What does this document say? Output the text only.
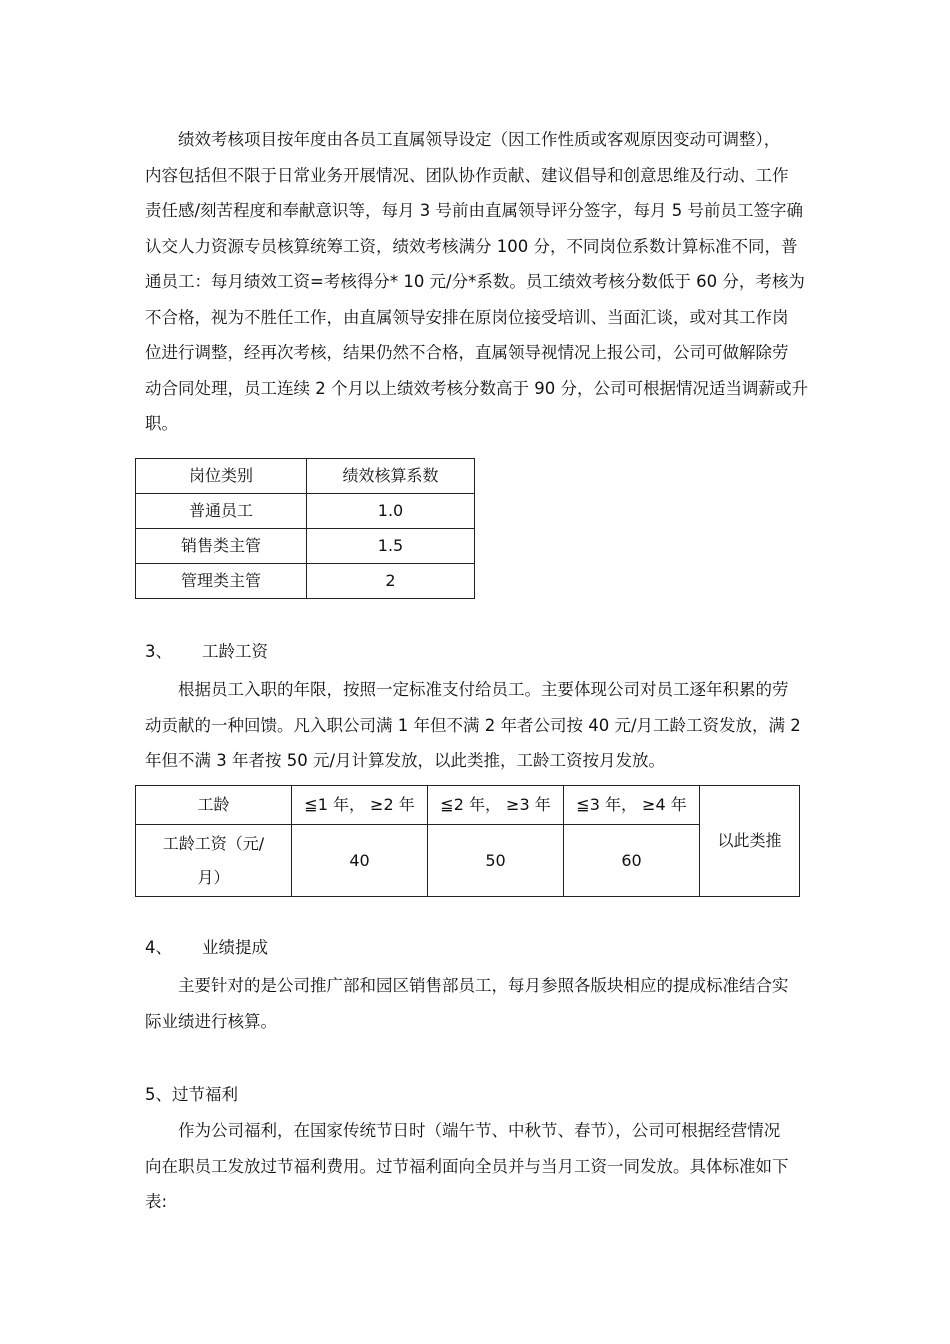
绩效考核项目按年度由各员工直属领导设定（因工作性质或客观原因变动可调整），
内容包括但不限于日常业务开展情况、团队协作贡献、建议倡导和创意思维及行动、工作
责任感/刻苦程度和奉献意识等，每月 3 号前由直属领导评分签字，每月 5 号前员工签字确
认交人力资源专员核算统筹工资，绩效考核满分 100 分，不同岗位系数计算标准不同，普
通员工：每月绩效工资=考核得分* 10 元/分*系数。员工绩效考核分数低于 60 分，考核为
不合格，视为不胜任工作，由直属领导安排在原岗位接受培训、当面汇谈，或对其工作岗
位进行调整，经再次考核，结果仍然不合格，直属领导视情况上报公司，公司可做解除劳
动合同处理，员工连续 2 个月以上绩效考核分数高于 90 分，公司可根据情况适当调薪或升
职。
岗位类别	绩效核算系数
普通员工	1.0
销售类主管	1.5
管理类主管	2
3、 工龄工资
根据员工入职的年限，按照一定标准支付给员工。主要体现公司对员工逐年积累的劳
动贡献的一种回馈。凡入职公司满 1 年但不满 2 年者公司按 40 元/月工龄工资发放，满 2
年但不满 3 年者按 50 元/月计算发放，以此类推，工龄工资按月发放。
工龄	≦1 年， ≥2 年	≦2 年， ≥3 年	≦3 年， ≥4 年	以此类推

工龄工资（元/
月）	40	50	60	
4、 业绩提成
主要针对的是公司推广部和园区销售部员工，每月参照各版块相应的提成标准结合实
际业绩进行核算。
5、过节福利
作为公司福利，在国家传统节日时（端午节、中秋节、春节），公司可根据经营情况
向在职员工发放过节福利费用。过节福利面向全员并与当月工资一同发放。具体标准如下
表:
